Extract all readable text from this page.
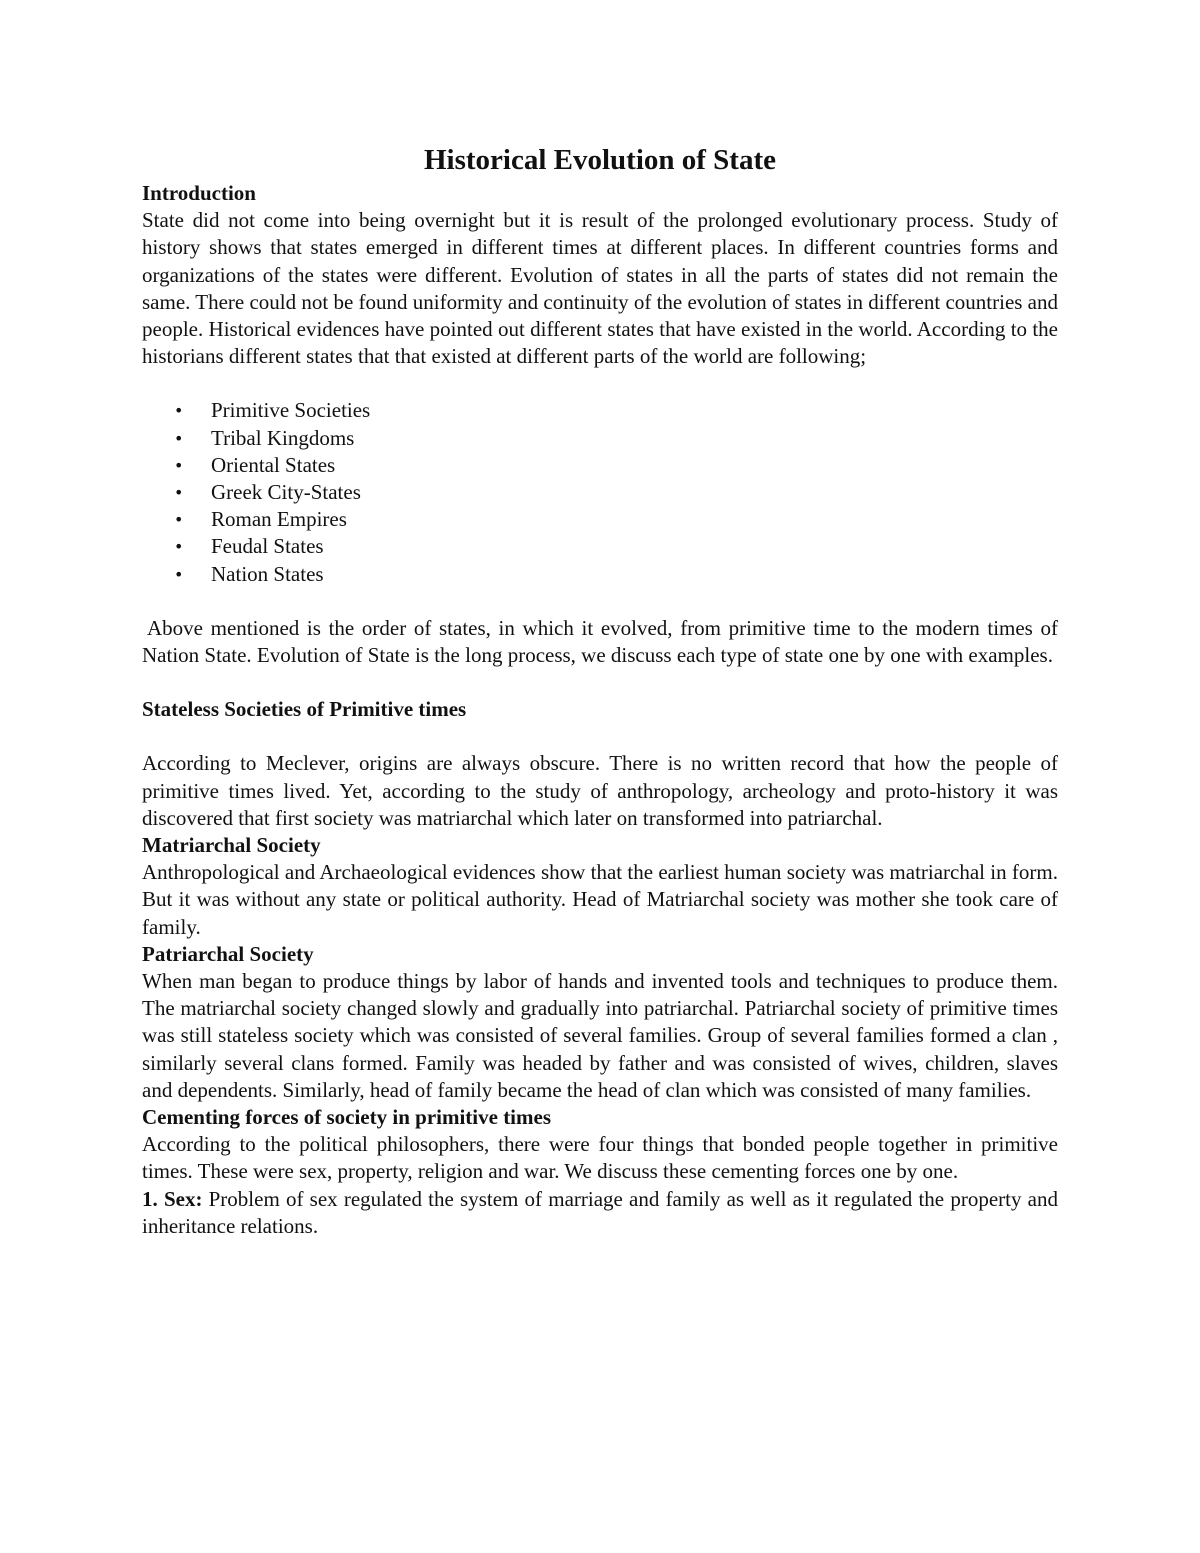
Historical Evolution of State

Introduction

State did not come into being overnight but it is result of the prolonged evolutionary process. Study of history shows that states emerged in different times at different places. In different countries forms and organizations of the states were different. Evolution of states in all the parts of states did not remain the same. There could not be found uniformity and continuity of the evolution of states in different countries and people. Historical evidences have pointed out different states that have existed in the world. According to the historians different states that that existed at different parts of the world are following;

• Primitive Societies
• Tribal Kingdoms
• Oriental States
• Greek City-States
• Roman Empires
• Feudal States
• Nation States

Above mentioned is the order of states, in which it evolved, from primitive time to the modern times of Nation State. Evolution of State is the long process, we discuss each type of state one by one with examples.

Stateless Societies of Primitive times

According to Meclever, origins are always obscure. There is no written record that how the people of primitive times lived. Yet, according to the study of anthropology, archeology and proto-history it was discovered that first society was matriarchal which later on transformed into patriarchal.

Matriarchal Society

Anthropological and Archaeological evidences show that the earliest human society was matriarchal in form. But it was without any state or political authority. Head of Matriarchal society was mother she took care of family.

Patriarchal Society

When man began to produce things by labor of hands and invented tools and techniques to produce them. The matriarchal society changed slowly and gradually into patriarchal. Patriarchal society of primitive times was still stateless society which was consisted of several families. Group of several families formed a clan , similarly several clans formed. Family was headed by father and was consisted of wives, children, slaves and dependents. Similarly, head of family became the head of clan which was consisted of many families.

Cementing forces of society in primitive times

According to the political philosophers, there were four things that bonded people together in primitive times. These were sex, property, religion and war. We discuss these cementing forces one by one.

1. Sex: Problem of sex regulated the system of marriage and family as well as it regulated the property and inheritance relations.
